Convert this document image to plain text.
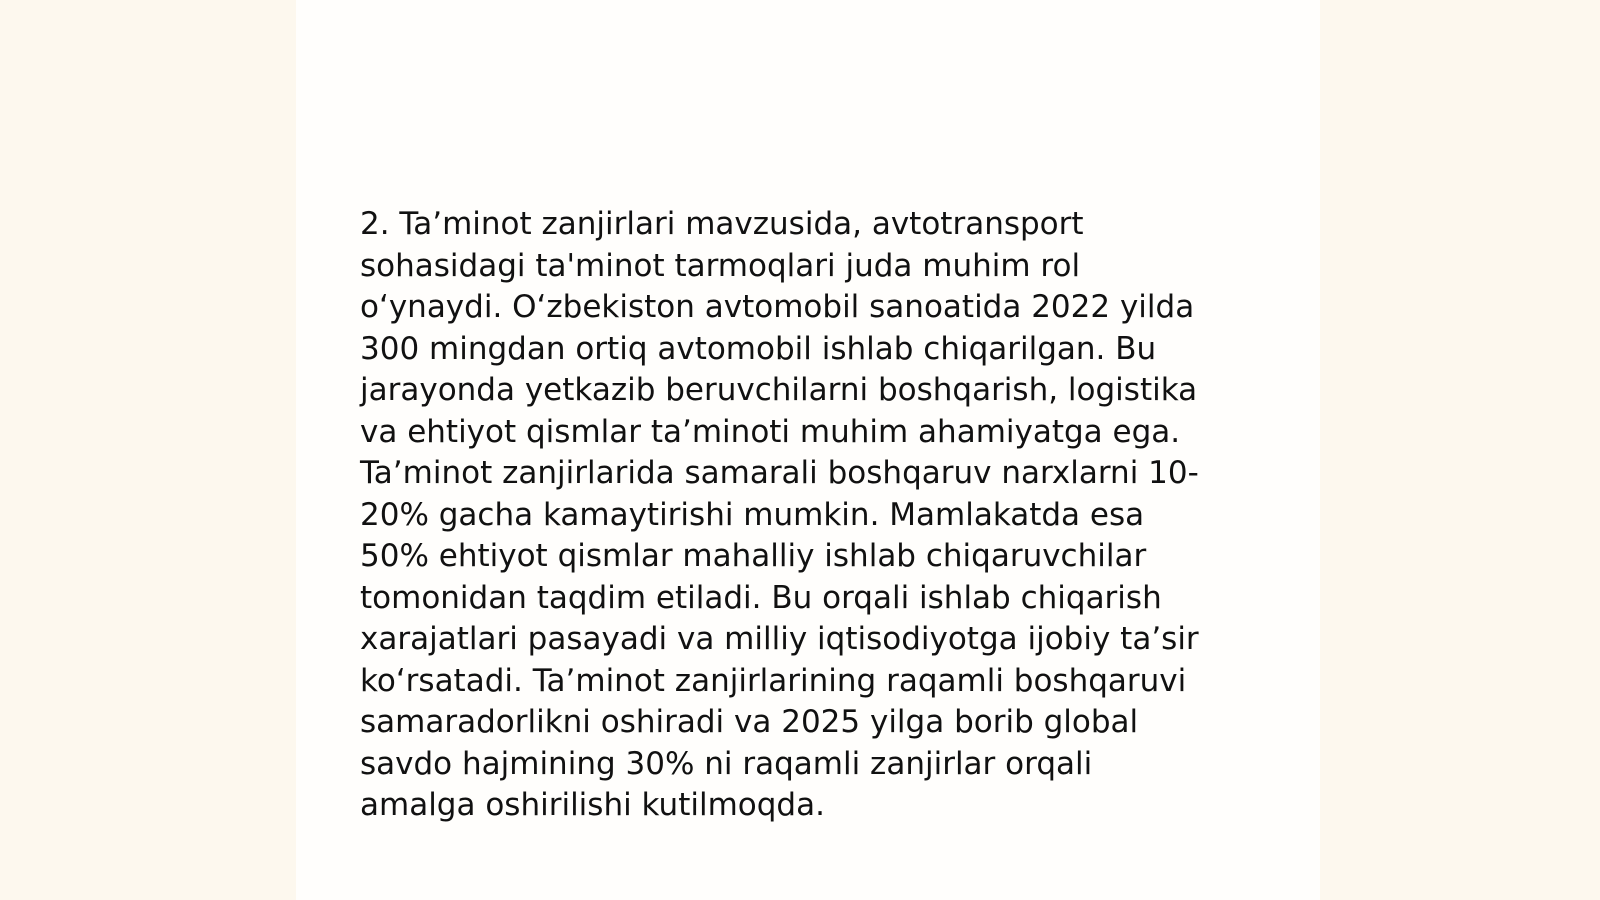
2. Ta’minot zanjirlari mavzusida, avtotransport
sohasidagi ta'minot tarmoqlari juda muhim rol
o‘ynaydi. O‘zbekiston avtomobil sanoatida 2022 yilda
300 mingdan ortiq avtomobil ishlab chiqarilgan. Bu
jarayonda yetkazib beruvchilarni boshqarish, logistika
va ehtiyot qismlar ta’minoti muhim ahamiyatga ega.
Ta’minot zanjirlarida samarali boshqaruv narxlarni 10-
20% gacha kamaytirishi mumkin. Mamlakatda esa
50% ehtiyot qismlar mahalliy ishlab chiqaruvchilar
tomonidan taqdim etiladi. Bu orqali ishlab chiqarish
xarajatlari pasayadi va milliy iqtisodiyotga ijobiy ta’sir
ko‘rsatadi. Ta’minot zanjirlarining raqamli boshqaruvi
samaradorlikni oshiradi va 2025 yilga borib global
savdo hajmining 30% ni raqamli zanjirlar orqali
amalga oshirilishi kutilmoqda.
